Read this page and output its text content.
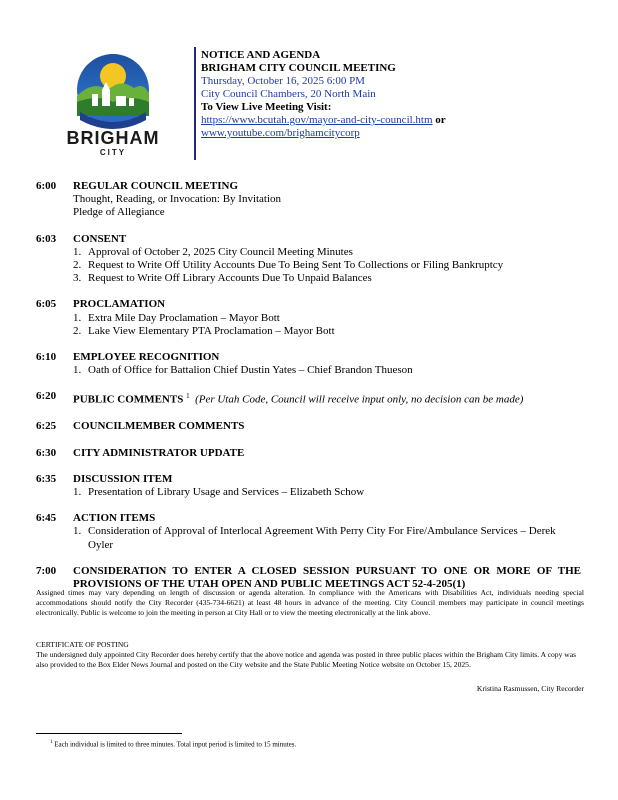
BRIGHAM
CITY
NOTICE AND AGENDA
BRIGHAM CITY COUNCIL MEETING
Thursday, October 16, 2025 6:00 PM
City Council Chambers, 20 North Main
To View Live Meeting Visit:
https://www.bcutah.gov/mayor-and-city-council.htm or
www.youtube.com/brighamcitycorp
6:00	REGULAR COUNCIL MEETING
Thought, Reading, or Invocation: By Invitation
Pledge of Allegiance
6:03	CONSENT
1. Approval of October 2, 2025 City Council Meeting Minutes
2. Request to Write Off Utility Accounts Due To Being Sent To Collections or Filing Bankruptcy
3. Request to Write Off Library Accounts Due To Unpaid Balances
6:05	PROCLAMATION
1. Extra Mile Day Proclamation – Mayor Bott
2. Lake View Elementary PTA Proclamation – Mayor Bott
6:10	EMPLOYEE RECOGNITION
1. Oath of Office for Battalion Chief Dustin Yates – Chief Brandon Thueson
6:20	PUBLIC COMMENTS $^1$ (Per Utah Code, Council will receive input only, no decision can be made)
6:25	COUNCILMEMBER COMMENTS
6:30	CITY ADMINISTRATOR UPDATE
6:35	DISCUSSION ITEM
1. Presentation of Library Usage and Services – Elizabeth Schow
6:45	ACTION ITEMS
1. Consideration of Approval of Interlocal Agreement With Perry City For Fire/Ambulance Services – Derek Oyler
7:00	CONSIDERATION TO ENTER A CLOSED SESSION PURSUANT TO ONE OR MORE OF THE PROVISIONS OF THE UTAH OPEN AND PUBLIC MEETINGS ACT 52-4-205(1)
Assigned times may vary depending on length of discussion or agenda alteration. In compliance with the Americans with Disabilities Act, individuals needing special accommodations should notify the City Recorder (435-734-6621) at least 48 hours in advance of the meeting. City Council members may participate in council meetings electronically. Public is welcome to join the meeting in person at City Hall or to view the meeting electronically at the link above.
CERTIFICATE OF POSTING
The undersigned duly appointed City Recorder does hereby certify that the above notice and agenda was posted in three public places within the Brigham City limits. A copy was also provided to the Box Elder News Journal and posted on the City website and the State Public Meeting Notice website on October 15, 2025.
Kristina Rasmussen, City Recorder
$^1$ Each individual is limited to three minutes. Total input period is limited to 15 minutes.
